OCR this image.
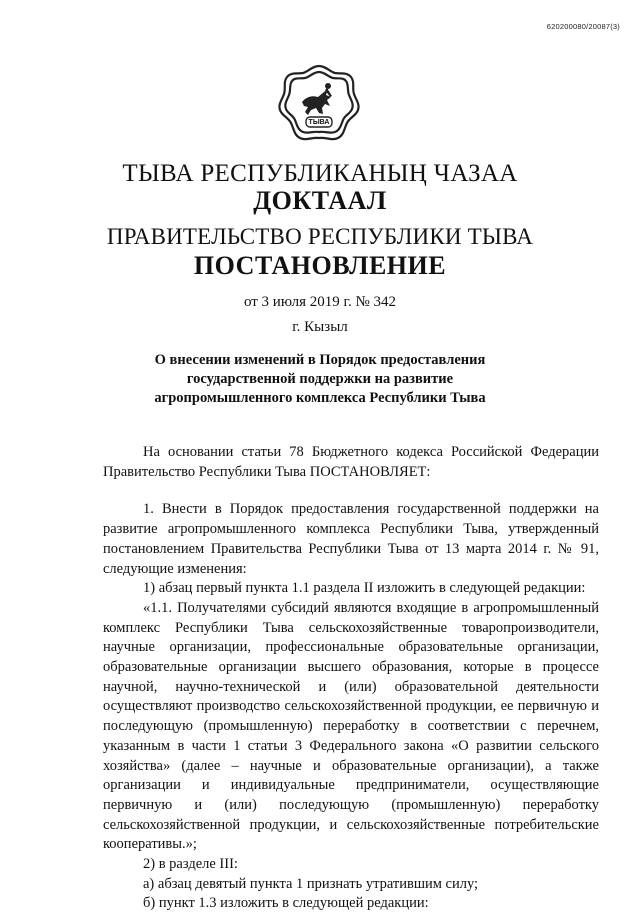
620200080/20087(3)
ТЫВА
ТЫВА РЕСПУБЛИКАНЫҢ ЧАЗАА
ДОКТААЛ
ПРАВИТЕЛЬСТВО РЕСПУБЛИКИ ТЫВА
ПОСТАНОВЛЕНИЕ
от 3 июля 2019 г. № 342
г. Кызыл
О внесении изменений в Порядок предоставления
государственной поддержки на развитие
агропромышленного комплекса Республики Тыва

На основании статьи 78 Бюджетного кодекса Российской Федерации Правительство Республики Тыва ПОСТАНОВЛЯЕТ:

1. Внести в Порядок предоставления государственной поддержки на развитие агропромышленного комплекса Республики Тыва, утвержденный постановлением Правительства Республики Тыва от 13 марта 2014 г. № 91, следующие изменения:

1) абзац первый пункта 1.1 раздела II изложить в следующей редакции:

«1.1. Получателями субсидий являются входящие в агропромышленный комплекс Республики Тыва сельскохозяйственные товаропроизводители, научные организации, профессиональные образовательные организации, образовательные организации высшего образования, которые в процессе научной, научно-технической и (или) образовательной деятельности осуществляют производство сельскохозяйственной продукции, ее первичную и последующую (промышленную) переработку в соответствии с перечнем, указанным в части 1 статьи 3 Федерального закона «О развитии сельского хозяйства» (далее – научные и образовательные организации), а также организации и индивидуальные предприниматели, осуществляющие первичную и (или) последующую (промышленную) переработку сельскохозяйственной продукции, и сельскохозяйственные потребительские кооперативы.»;

2) в разделе III:

а) абзац девятый пункта 1 признать утратившим силу;

б) пункт 1.3 изложить в следующей редакции:
